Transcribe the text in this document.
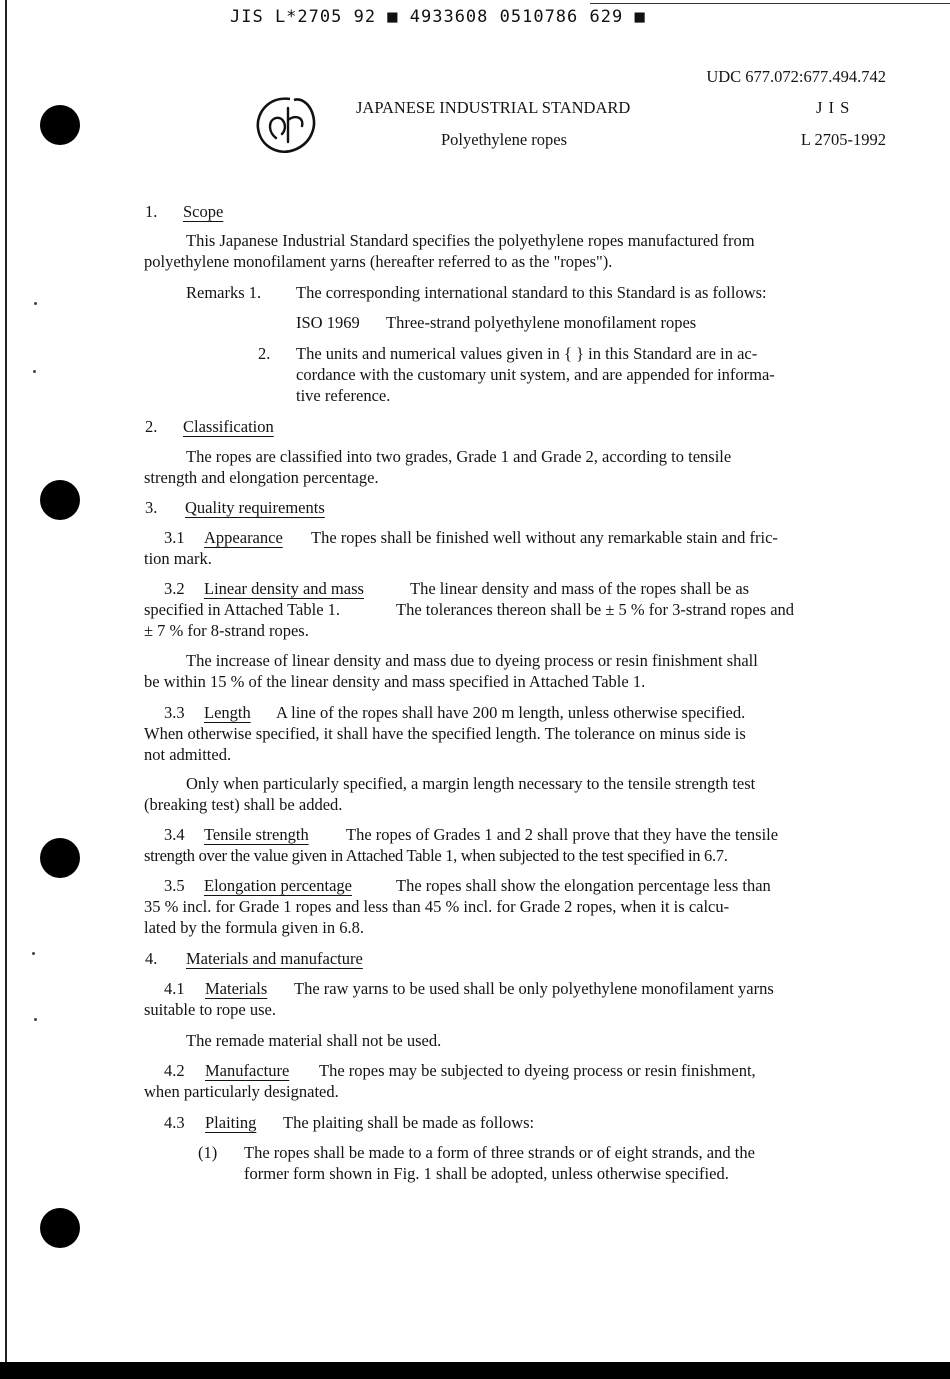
JIS L*2705 92 ■ 4933608 0510786 629 ■
UDC 677.072:677.494.742
JAPANESE INDUSTRIAL STANDARD	J I S
Polyethylene ropes	L 2705-1992
1. Scope
This Japanese Industrial Standard specifies the polyethylene ropes manufactured from
polyethylene monofilament yarns (hereafter referred to as the "ropes").
Remarks 1. The corresponding international standard to this Standard is as follows:
ISO 1969 Three-strand polyethylene monofilament ropes
2. The units and numerical values given in { } in this Standard are in ac-
cordance with the customary unit system, and are appended for informa-
tive reference.
2. Classification
The ropes are classified into two grades, Grade 1 and Grade 2, according to tensile
strength and elongation percentage.
3. Quality requirements
3.1 Appearance The ropes shall be finished well without any remarkable stain and fric-
tion mark.
3.2 Linear density and mass	The linear density and mass of the ropes shall be as
specified in Attached Table 1.	The tolerances thereon shall be ± 5 % for 3-strand ropes and
± 7 % for 8-strand ropes.
The increase of linear density and mass due to dyeing process or resin finishment shall
be within 15 % of the linear density and mass specified in Attached Table 1.
3.3 Length A line of the ropes shall have 200 m length, unless otherwise specified.
When otherwise specified, it shall have the specified length. The tolerance on minus side is
not admitted.
Only when particularly specified, a margin length necessary to the tensile strength test
(breaking test) shall be added.
3.4 Tensile strength The ropes of Grades 1 and 2 shall prove that they have the tensile
strength over the value given in Attached Table 1, when subjected to the test specified in 6.7.
3.5 Elongation percentage	The ropes shall show the elongation percentage less than
35 % incl. for Grade 1 ropes and less than 45 % incl. for Grade 2 ropes, when it is calcu-
lated by the formula given in 6.8.
4. Materials and manufacture
4.1 Materials The raw yarns to be used shall be only polyethylene monofilament yarns
suitable to rope use.
The remade material shall not be used.
4.2 Manufacture The ropes may be subjected to dyeing process or resin finishment,
when particularly designated.
4.3 Plaiting The plaiting shall be made as follows:
(1) The ropes shall be made to a form of three strands or of eight strands, and the
former form shown in Fig. 1 shall be adopted, unless otherwise specified.
